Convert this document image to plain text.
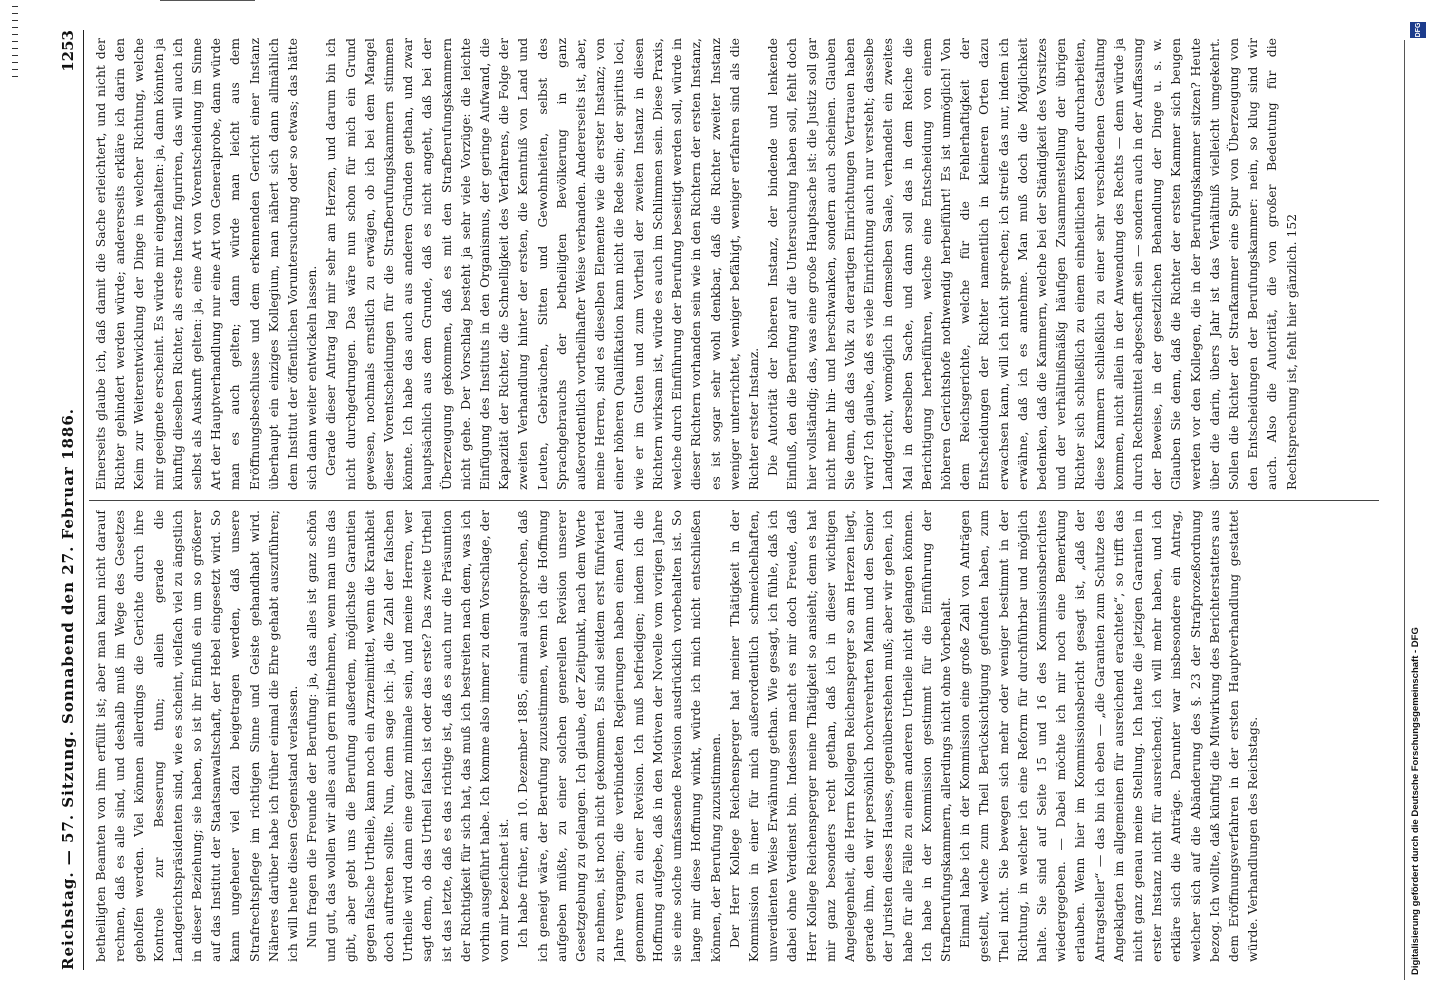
Reichstag. — 57. Sitzung. Sonnabend den 27. Februar 1886.
1253

betheiligten Beamten von ihm erfüllt ist; aber man kann nicht darauf rechnen, daß es alle sind, und deshalb muß im Wege des Gesetzes geholfen werden. Viel können allerdings die Gerichte durch ihre Kontrole zur Besserung thun; allein gerade die Landgerichtspräsidenten sind, wie es scheint, vielfach viel zu ängstlich in dieser Beziehung; sie haben, so ist ihr Einfluß ein um so größerer auf das Institut der Staatsanwaltschaft, der Hebel eingesetzt wird. So kann ungeheuer viel dazu beigetragen werden, daß unsere Strafrechtspflege im richtigen Sinne und Geiste gehandhabt wird. Näheres darüber habe ich früher einmal die Ehre gehabt auszuführen; ich will heute diesen Gegenstand verlassen. Nun fragen die Freunde der Berufung: ja, das alles ist ganz schön und gut, das wollen wir alles auch gern mitnehmen, wenn man uns das gibt, aber gebt uns die Berufung außerdem, möglichste Garantien gegen falsche Urtheile, kann noch ein Arzneimittel, wenn die Krankheit doch auftreten sollte. Nun, denn sage ich: ja, die Zahl der falschen Urtheile wird dann eine ganz minimale sein, und meine Herren, wer sagt denn, ob das Urtheil falsch ist oder das erste? Das zweite Urtheil ist das letzte, daß es das richtige ist, daß es auch nur die Präsumtion der Richtigkeit für sich hat, das muß ich bestreiten nach dem, was ich vorhin ausgeführt habe. Ich komme also immer zu dem Vorschlage, der von mir bezeichnet ist. Ich habe früher, am 10. Dezember 1885, einmal ausgesprochen, daß ich geneigt wäre, der Berufung zuzustimmen, wenn ich die Hoffnung aufgeben müßte, zu einer solchen generellen Revision unserer Gesetzgebung zu gelangen. Ich glaube, der Zeitpunkt, nach dem Worte zu nehmen, ist noch nicht gekommen. Es sind seitdem erst fünfviertel Jahre vergangen; die verbündeten Regierungen haben einen Anlauf genommen zu einer Revision. Ich muß befriedigen; indem ich die Hoffnung aufgebe, daß in den Motiven der Novelle vom vorigen Jahre sie eine solche umfassende Revision ausdrücklich vorbehalten ist. So lange mir diese Hoffnung winkt, würde ich mich nicht entschließen können, der Berufung zuzustimmen. Der Herr Kollege Reichensperger hat meiner Thätigkeit in der Kommission in einer für mich außerordentlich schmeichelhaften, unverdienten Weise Erwähnung gethan. Wie gesagt, ich fühle, daß ich dabei ohne Verdienst bin. Indessen macht es mir doch Freude, daß Herr Kollege Reichensperger meine Thätigkeit so ansieht; denn es hat mir ganz besonders recht gethan, daß ich in dieser wichtigen Angelegenheit, die Herrn Kollegen Reichensperger so am Herzen liegt, gerade ihm, den wir persönlich hochverehrten Mann und den Senior der Juristen dieses Hauses, gegenüberstehen muß; aber wir gehen, ich habe für alle Fälle zu einem anderen Urtheile nicht gelangen können. Ich habe in der Kommission gestimmt für die Einführung der Strafberufungskammern, allerdings nicht ohne Vorbehalt. Einmal habe ich in der Kommission eine große Zahl von Anträgen gestellt, welche zum Theil Berücksichtigung gefunden haben, zum Theil nicht. Sie bewegen sich mehr oder weniger bestimmt in der Richtung, in welcher ich eine Reform für durchführbar und möglich halte. Sie sind auf Seite 15 und 16 des Kommissionsberichtes wiedergegeben. — Dabei möchte ich mir noch eine Bemerkung erlauben. Wenn hier im Kommissionsbericht gesagt ist, „daß der Antragsteller“ — das bin ich eben — „die Garantien zum Schutze des Angeklagten im allgemeinen für ausreichend erachtete“, so trifft das nicht ganz genau meine Stellung. Ich hatte die jetzigen Garantien in erster Instanz nicht für ausreichend; ich will mehr haben, und ich erkläre sich die Anträge. Darunter war insbesondere ein Antrag, welcher sich auf die Abänderung des §. 23 der Strafprozeßordnung bezog. Ich wollte, daß künftig die Mitwirkung des Berichterstatters aus dem Eröffnungsverfahren in der ersten Hauptverhandlung gestattet würde. Verhandlungen des Reichstags.

Einerseits glaube ich, daß damit die Sache erleichtert, und nicht der Richter gehindert werden würde; andererseits erkläre ich darin den Keim zur Weiterentwicklung der Dinge in welcher Richtung, welche mir geeignete erscheint. Es würde mir eingehalten: ja, dann könnten ja künftig dieselben Richter, als erste Instanz figuriren, das will auch ich selbst als Auskunft gelten: ja, eine Art von Vorentscheidung im Sinne Art der Hauptverhandlung nur eine Art von Generalprobe, dann würde man es auch gelten; dann würde man leicht aus dem Eröffnungsbeschlusse und dem erkennenden Gericht einer Instanz überhaupt ein einziges Kollegium, man nähert sich dann allmählich dem Institut der öffentlichen Voruntersuchung oder so etwas; das hätte sich dann weiter entwickeln lassen. Gerade dieser Antrag lag mir sehr am Herzen, und darum bin ich nicht durchgedrungen. Das wäre nun schon für mich ein Grund gewesen, nochmals ernstlich zu erwägen, ob ich bei dem Mangel dieser Vorentscheidungen für die Strafberufungskammern stimmen könnte. Ich habe das auch aus anderen Gründen gethan, und zwar hauptsächlich aus dem Grunde, daß es nicht angeht, daß bei der Überzeugung gekommen, daß es mit den Strafberufungskammern nicht gehe. Der Vorschlag besteht ja sehr viele Vorzüge: die leichte Einfügung des Instituts in den Organismus, der geringe Aufwand, die Kapazität der Richter, die Schnelligkeit des Verfahrens, die Folge der zweiten Verhandlung hinter der ersten, die Kenntniß von Land und Leuten, Gebräuchen, Sitten und Gewohnheiten, selbst des Sprachgebrauchs der betheiligten Bevölkerung in ganz außerordentlich vortheilhafter Weise verbanden. Andererseits ist, aber, meine Herren, sind es dieselben Elemente wie die erster Instanz; von einer höheren Qualifikation kann nicht die Rede sein; der spiritus loci, wie er im Guten und zum Vortheil der zweiten Instanz in diesen Richtern wirksam ist, würde es auch im Schlimmen sein. Diese Praxis, welche durch Einführung der Berufung beseitigt werden soll, würde in dieser Richtern vorhanden sein wie in den Richtern der ersten Instanz, es ist sogar sehr wohl denkbar, daß die Richter zweiter Instanz weniger unterrichtet, weniger befähigt, weniger erfahren sind als die Richter erster Instanz. Die Autorität der höheren Instanz, der bindende und lenkende Einfluß, den die Berufung auf die Untersuchung haben soll, fehlt doch hier vollständig; das, was eine große Hauptsache ist: die Justiz soll gar nicht mehr hin- und herschwanken, sondern auch scheinen. Glauben Sie denn, daß das Volk zu derartigen Einrichtungen Vertrauen haben wird? Ich glaube, daß es viele Einrichtung auch nur versteht; dasselbe Landgericht, womöglich in demselben Saale, verhandelt ein zweites Mal in derselben Sache, und dann soll das in dem Reiche die Berichtigung herbeiführen, welche eine Entscheidung von einem höheren Gerichtshofe nothwendig herbeiführt! Es ist unmöglich! Von dem Reichsgerichte, welche für die Fehlerhaftigkeit der Entscheidungen der Richter namentlich in kleineren Orten dazu erwachsen kann, will ich nicht sprechen; ich streife das nur, indem ich erwähne, daß ich es annehme. Man muß doch die Möglichkeit bedenken, daß die Kammern, welche bei der Ständigkeit des Vorsitzes und der verhältnißmäßig häufigen Zusammenstellung der übrigen Richter sich schließlich zu einem einheitlichen Körper durcharbeiten, diese Kammern schließlich zu einer sehr verschiedenen Gestaltung kommen, nicht allein in der Anwendung des Rechts — denn würde ja durch Rechtsmittel abgeschafft sein — sondern auch in der Auffassung der Beweise, in der gesetzlichen Behandlung der Dinge u. s. w. Glauben Sie denn, daß die Richter der ersten Kammer sich beugen werden vor den Kollegen, die in der Berufungskammer sitzen? Heute über die darin, übers Jahr ist das Verhältniß vielleicht umgekehrt. Sollen die Richter der Strafkammer eine Spur von Überzeugung von den Entscheidungen der Berufungskammer: nein, so klug sind wir auch. Also die Autorität, die von großer Bedeutung für die Rechtsprechung ist, fehlt hier gänzlich. 152

DFG
Digitalisierung gefördert durch die Deutsche Forschungsgemeinschaft - DFG
